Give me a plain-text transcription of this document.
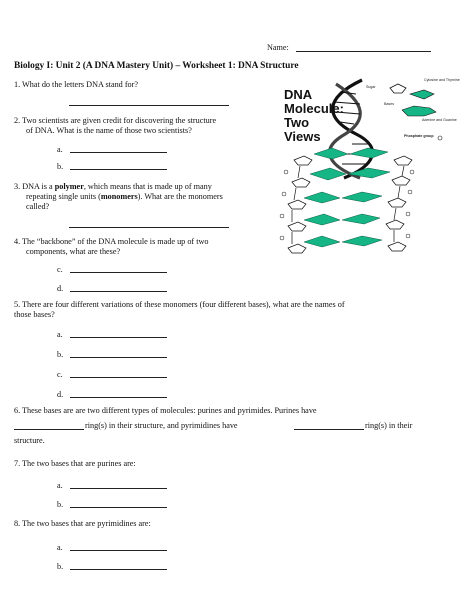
Name:
Biology I: Unit 2 (A DNA Mastery Unit) – Worksheet 1: DNA Structure
1. What do the letters DNA stand for?
2. Two scientists are given credit for discovering the structure
of DNA. What is the name of those two scientists?
a.
b.
3. DNA is a polymer, which means that is made up of many
repeating single units (monomers). What are the monomers
called?
4. The “backbone” of the DNA molecule is made up of two
components, what are these?
c.
d.
5. There are four different variations of these monomers (four different bases), what are the names of
those bases?
a.
b.
c.
d.
6. These bases are are two different types of molecules: purines and pyrimides. Purines have
ring(s) in their structure, and pyrimidines have	ring(s) in their
structure.
7. The two bases that are purines are:
a.
b.
8. The two bases that are pyrimidines are:
a.
b.
DNA
Molecule:
Two
Views
Sugar
Cytosine and Thymine
Bases
Adenine and Guanine
Phosphate group
